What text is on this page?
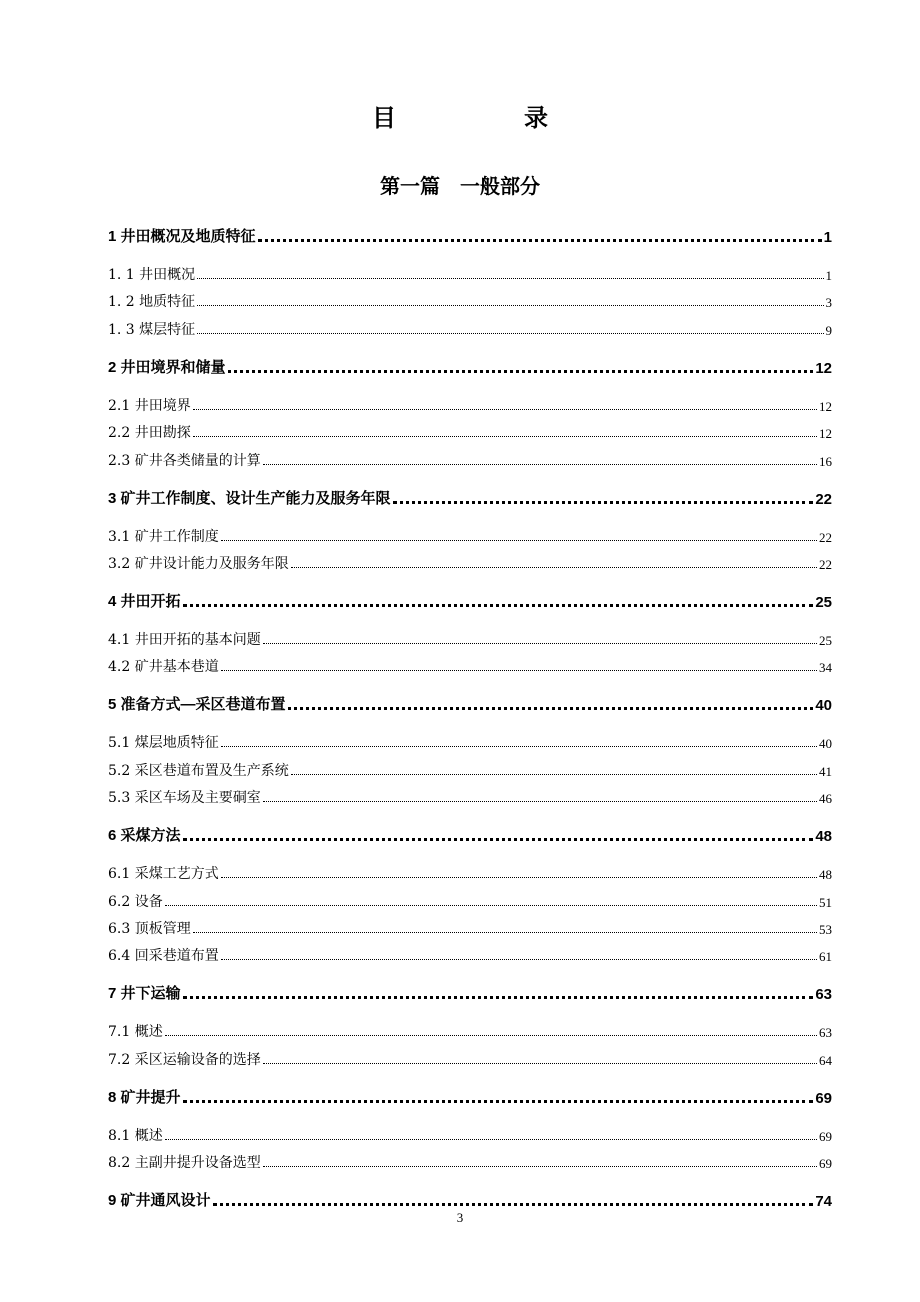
目　录
第一篇　一般部分
1 井田概况及地质特征	1
1. 1 井田概况	1
1. 2 地质特征	3
1. 3 煤层特征	9
2 井田境界和储量	12
2.1 井田境界	12
2.2 井田勘探	12
2.3 矿井各类储量的计算	16
3 矿井工作制度、设计生产能力及服务年限	22
3.1 矿井工作制度	22
3.2 矿井设计能力及服务年限	22
4 井田开拓	25
4.1 井田开拓的基本问题	25
4.2 矿井基本巷道	34
5 准备方式—采区巷道布置	40
5.1 煤层地质特征	40
5.2 采区巷道布置及生产系统	41
5.3 采区车场及主要硐室	46
6 采煤方法	48
6.1 采煤工艺方式	48
6.2 设备	51
6.3 顶板管理	53
6.4 回采巷道布置	61
7 井下运输	63
7.1 概述	63
7.2 采区运输设备的选择	64
8 矿井提升	69
8.1 概述	69
8.2 主副井提升设备选型	69
9 矿井通风设计	74
3
